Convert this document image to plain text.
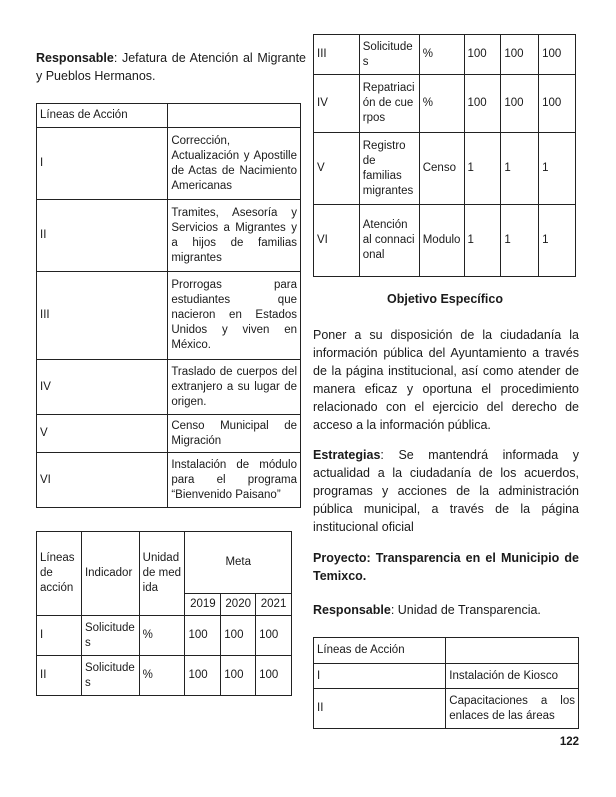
Responsable: Jefatura de Atención al Migrante y Pueblos Hermanos.
Líneas de Acción	
I	Corrección, Actualización y Apostille de Actas de Nacimiento Americanas
II	Tramites, Asesoría y Servicios a Migrantes y a hijos de familias migrantes
III	Prorrogas para estudiantes que nacieron en Estados Unidos y viven en México.
IV	Traslado de cuerpos del extranjero a su lugar de origen.
V	Censo Municipal de Migración
VI	Instalación de módulo para el programa “Bienvenido Paisano”
Líneas de acción	Indicador	Unidad de medida	Meta		
			2019	2020	2021
I	Solicitudes	%	100	100	100
II	Solicitudes	%	100	100	100
III	Solicitudes	%	100	100	100
IV	Repatriación de cuerpos	%	100	100	100
V	Registro de familias migrantes	Censo	1	1	1
VI	Atención al connacional	Modulo	1	1	1
Objetivo Específico
Poner a su disposición de la ciudadanía la información pública del Ayuntamiento a través de la página institucional, así como atender de manera eficaz y oportuna el procedimiento relacionado con el ejercicio del derecho de acceso a la información pública.
Estrategias: Se mantendrá informada y actualidad a la ciudadanía de los acuerdos, programas y acciones de la administración pública municipal, a través de la página institucional oficial
Proyecto: Transparencia en el Municipio de Temixco.
Responsable: Unidad de Transparencia.
Líneas de Acción	
I	Instalación de Kiosco
II	Capacitaciones a los enlaces de las áreas
122
